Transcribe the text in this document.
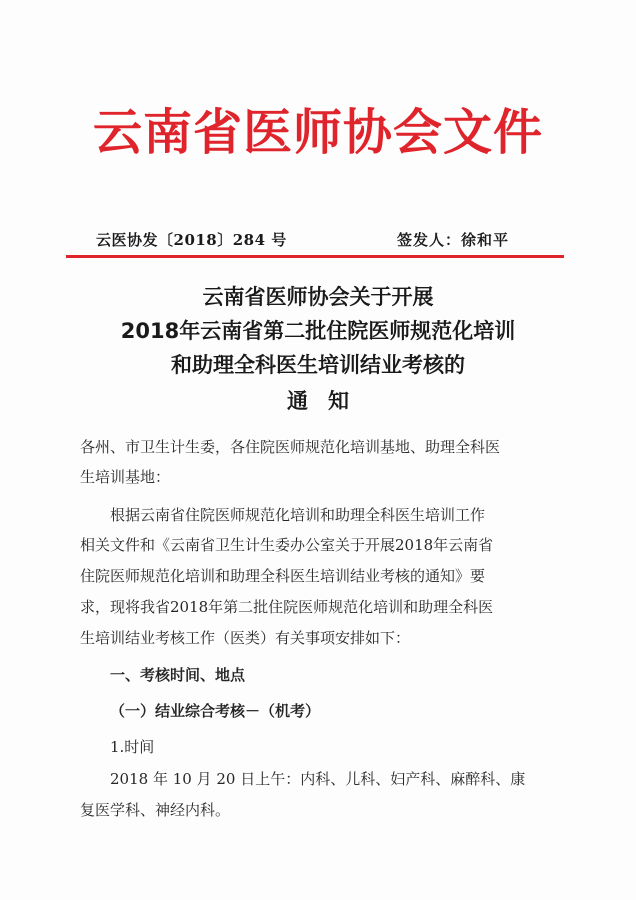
云南省医师协会文件
云医协发〔2018〕284 号	签发人：徐和平
云南省医师协会关于开展
2018年云南省第二批住院医师规范化培训
和助理全科医生培训结业考核的
通知
各州、市卫生计生委，各住院医师规范化培训基地、助理全科医
生培训基地：
根据云南省住院医师规范化培训和助理全科医生培训工作
相关文件和《云南省卫生计生委办公室关于开展2018年云南省
住院医师规范化培训和助理全科医生培训结业考核的通知》要
求，现将我省2018年第二批住院医师规范化培训和助理全科医
生培训结业考核工作（医类）有关事项安排如下：
一、考核时间、地点
（一）结业综合考核－（机考）
1.时间
2018 年 10 月 20 日上午：内科、儿科、妇产科、麻醉科、康
复医学科、神经内科。
